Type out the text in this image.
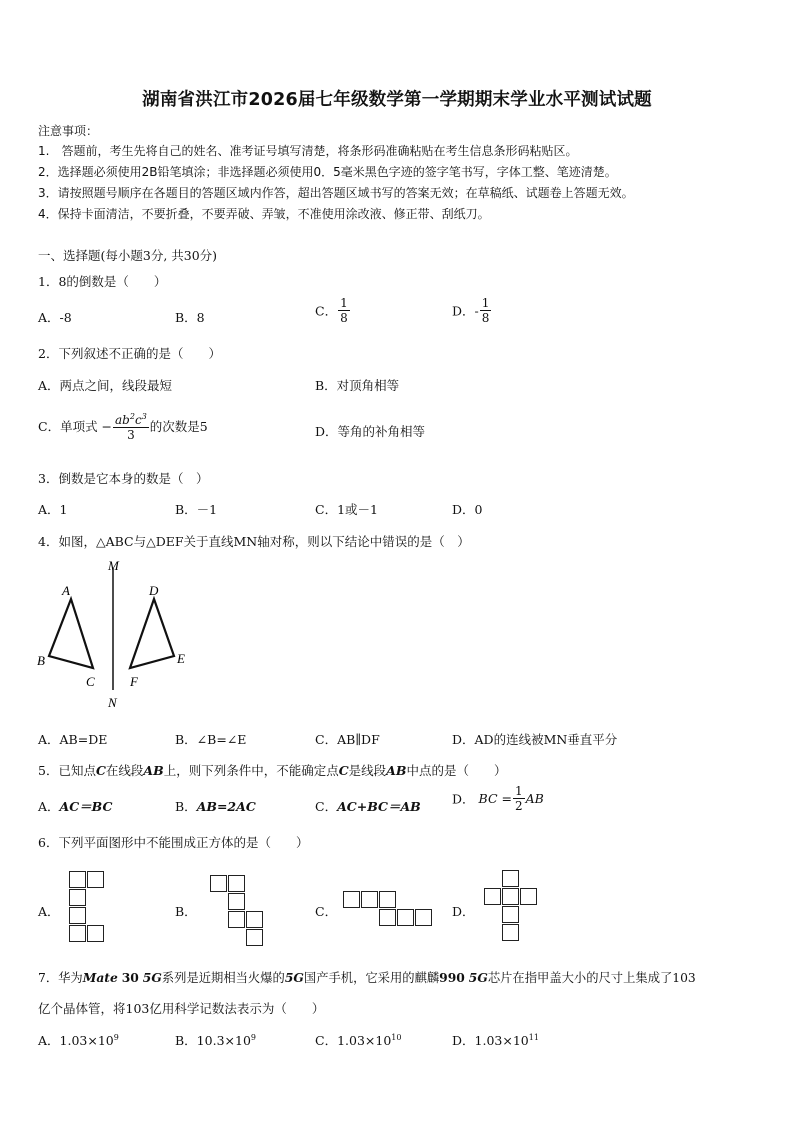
湖南省洪江市2026届七年级数学第一学期期末学业水平测试试题
注意事项：
1.　答题前，考生先将自己的姓名、准考证号填写清楚，将条形码准确粘贴在考生信息条形码粘贴区。
2．选择题必须使用2B铅笔填涂；非选择题必须使用0．5毫米黑色字迹的签字笔书写，字体工整、笔迹清楚。
3．请按照题号顺序在各题目的答题区域内作答，超出答题区域书写的答案无效；在草稿纸、试题卷上答题无效。
4．保持卡面清洁，不要折叠，不要弄破、弄皱，不准使用涂改液、修正带、刮纸刀。
一、选择题(每小题3分, 共30分)
1．8的倒数是（　　）
A．-8	B．8	C． $\frac{1}{8}$	D．- $\frac{1}{8}$
2．下列叙述不正确的是（　　）
A．两点之间，线段最短	B．对顶角相等
C．单项式 − $\frac{ab^2c^3}{3}$ 的次数是5	D．等角的补角相等
3．倒数是它本身的数是（　）
A．1	B．－1	C．1或－1	D．0
4．如图，△ABC与△DEF关于直线MN轴对称，则以下结论中错误的是（　）
M
N
A
B
C
D
E
F
A．AB=DE	B．∠B=∠E	C．AB∥DF	D．AD的连线被MN垂直平分
5．已知点C在线段AB上，则下列条件中，不能确定点C是线段AB中点的是（　　）
A．AC＝BC	B．AB=2AC	C．AC+BC＝AB	D． BC = $\frac{1}{2}$ AB
6．下列平面图形中不能围成正方体的是（　　）
A．	B．	C．	D．
7．华为Mate 30 5G系列是近期相当火爆的5G国产手机，它采用的麒麟990 5G芯片在指甲盖大小的尺寸上集成了103
亿个晶体管，将103亿用科学记数法表示为（　　）
A．$1.03\times 10^9$	B．$10.3\times 10^9$	C．$1.03\times 10^{10}$	D．$1.03\times 10^{11}$
